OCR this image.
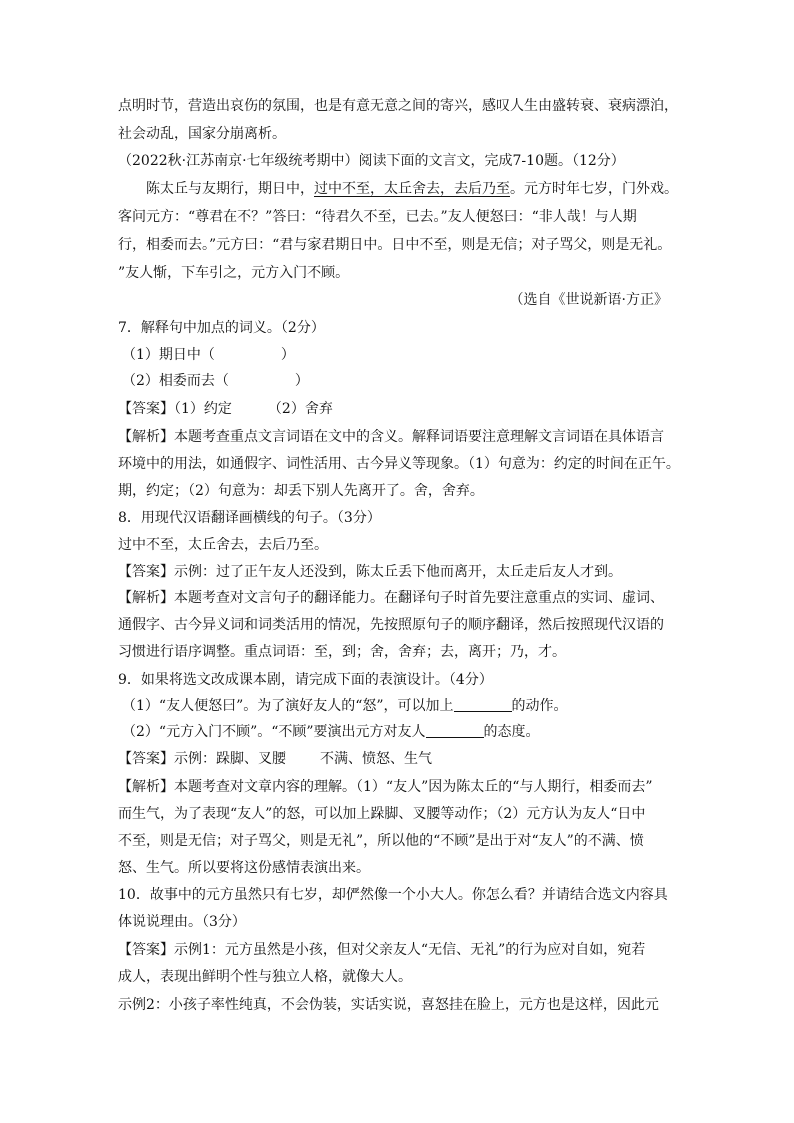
点明时节，营造出哀伤的氛围，也是有意无意之间的寄兴，感叹人生由盛转衰、衰病漂泊，
社会动乱，国家分崩离析。
（2022秋·江苏南京·七年级统考期中）阅读下面的文言文，完成7-10题。（12分）
陈太丘与友期行，期日中，过中不至，太丘舍去，去后乃至。元方时年七岁，门外戏。
客问元方：“尊君在不？”答曰：“待君久不至，已去。”友人便怒曰：“非人哉！与人期
行，相委而去。”元方曰：“君与家君期日中。日中不至，则是无信；对子骂父，则是无礼。
”友人惭，下车引之，元方入门不顾。
（选自《世说新语·方正》
7．解释句中加点的词义。（2分）
（1）期日中（	）
（2）相委而去（	）
【答案】（1）约定	（2）舍弃
【解析】本题考查重点文言词语在文中的含义。解释词语要注意理解文言词语在具体语言
环境中的用法，如通假字、词性活用、古今异义等现象。（1）句意为：约定的时间在正午。
期，约定；（2）句意为：却丢下别人先离开了。舍，舍弃。
8．用现代汉语翻译画横线的句子。（3分）
过中不至，太丘舍去，去后乃至。
【答案】示例：过了正午友人还没到，陈太丘丢下他而离开，太丘走后友人才到。
【解析】本题考查对文言句子的翻译能力。在翻译句子时首先要注意重点的实词、虚词、
通假字、古今异义词和词类活用的情况，先按照原句子的顺序翻译，然后按照现代汉语的
习惯进行语序调整。重点词语：至，到；舍，舍弃；去，离开；乃，才。
9．如果将选文改成课本剧，请完成下面的表演设计。（4分）
（1）“友人便怒曰”。为了演好友人的“怒”，可以加上	的动作。
（2）“元方入门不顾”。“不顾”要演出元方对友人	的态度。
【答案】示例：跺脚、叉腰 不满、愤怒、生气
【解析】本题考查对文章内容的理解。（1）“友人”因为陈太丘的“与人期行，相委而去”
而生气，为了表现“友人”的怒，可以加上跺脚、叉腰等动作；（2）元方认为友人“日中
不至，则是无信；对子骂父，则是无礼”，所以他的“不顾”是出于对“友人”的不满、愤
怒、生气。所以要将这份感情表演出来。
10．故事中的元方虽然只有七岁，却俨然像一个小大人。你怎么看？并请结合选文内容具
体说说理由。（3分）
【答案】示例1：元方虽然是小孩，但对父亲友人“无信、无礼”的行为应对自如，宛若
成人，表现出鲜明个性与独立人格，就像大人。
示例2：小孩子率性纯真，不会伪装，实话实说，喜怒挂在脸上，元方也是这样，因此元
